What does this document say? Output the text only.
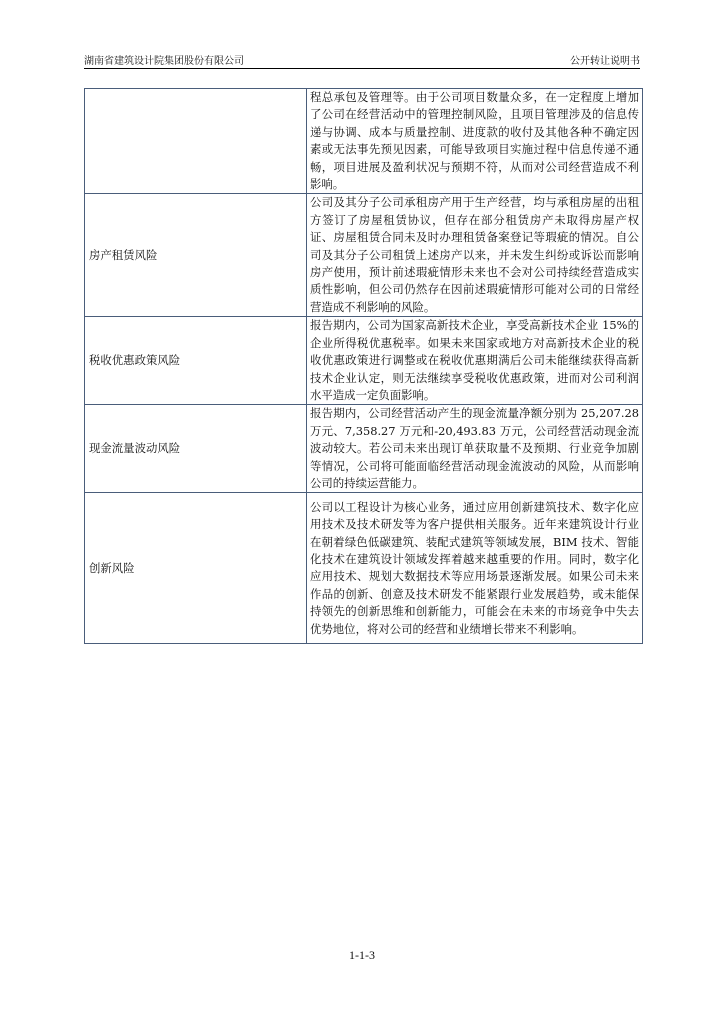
湖南省建筑设计院集团股份有限公司	公开转让说明书
	程总承包及管理等。由于公司项目数量众多，在一定程度上增加了公司在经营活动中的管理控制风险，且项目管理涉及的信息传递与协调、成本与质量控制、进度款的收付及其他各种不确定因素或无法事先预见因素，可能导致项目实施过程中信息传递不通畅，项目进展及盈利状况与预期不符，从而对公司经营造成不利影响。
房产租赁风险	公司及其分子公司承租房产用于生产经营，均与承租房屋的出租方签订了房屋租赁协议，但存在部分租赁房产未取得房屋产权证、房屋租赁合同未及时办理租赁备案登记等瑕疵的情况。自公司及其分子公司租赁上述房产以来，并未发生纠纷或诉讼而影响房产使用，预计前述瑕疵情形未来也不会对公司持续经营造成实质性影响，但公司仍然存在因前述瑕疵情形可能对公司的日常经营造成不利影响的风险。
税收优惠政策风险	报告期内，公司为国家高新技术企业，享受高新技术企业 15%的企业所得税优惠税率。如果未来国家或地方对高新技术企业的税收优惠政策进行调整或在税收优惠期满后公司未能继续获得高新技术企业认定，则无法继续享受税收优惠政策，进而对公司利润水平造成一定负面影响。
现金流量波动风险	报告期内，公司经营活动产生的现金流量净额分别为 25,207.28 万元、7,358.27 万元和-20,493.83 万元，公司经营活动现金流波动较大。若公司未来出现订单获取量不及预期、行业竞争加剧等情况，公司将可能面临经营活动现金流波动的风险，从而影响公司的持续运营能力。
创新风险	公司以工程设计为核心业务，通过应用创新建筑技术、数字化应用技术及技术研发等为客户提供相关服务。近年来建筑设计行业在朝着绿色低碳建筑、装配式建筑等领域发展，BIM 技术、智能化技术在建筑设计领域发挥着越来越重要的作用。同时，数字化应用技术、规划大数据技术等应用场景逐渐发展。如果公司未来作品的创新、创意及技术研发不能紧跟行业发展趋势，或未能保持领先的创新思维和创新能力，可能会在未来的市场竞争中失去优势地位，将对公司的经营和业绩增长带来不利影响。
1-1-3
